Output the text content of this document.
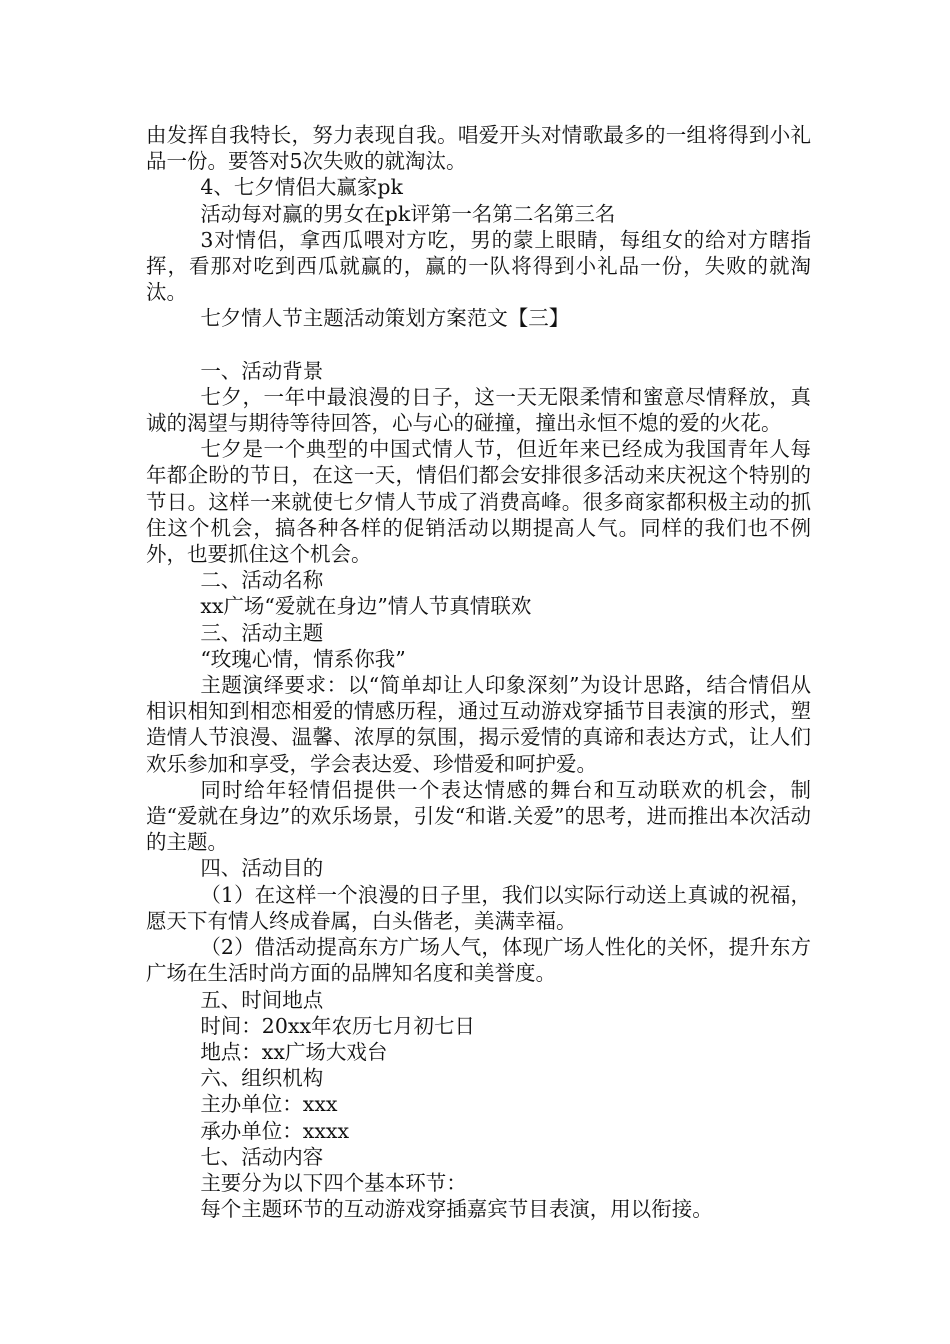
由发挥自我特长，努力表现自我。唱爱开头对情歌最多的一组将得到小礼品一份。要答对5次失败的就淘汰。

4、七夕情侣大赢家pk

活动每对赢的男女在pk评第一名第二名第三名

3对情侣，拿西瓜喂对方吃，男的蒙上眼睛，每组女的给对方瞎指挥，看那对吃到西瓜就赢的，赢的一队将得到小礼品一份，失败的就淘汰。

七夕情人节主题活动策划方案范文【三】

一、活动背景

七夕，一年中最浪漫的日子，这一天无限柔情和蜜意尽情释放，真诚的渴望与期待等待回答，心与心的碰撞，撞出永恒不熄的爱的火花。

七夕是一个典型的中国式情人节，但近年来已经成为我国青年人每年都企盼的节日，在这一天，情侣们都会安排很多活动来庆祝这个特别的节日。这样一来就使七夕情人节成了消费高峰。很多商家都积极主动的抓住这个机会，搞各种各样的促销活动以期提高人气。同样的我们也不例外，也要抓住这个机会。

二、活动名称

xx广场“爱就在身边”情人节真情联欢

三、活动主题

“玫瑰心情，情系你我”

主题演绎要求：以“简单却让人印象深刻”为设计思路，结合情侣从相识相知到相恋相爱的情感历程，通过互动游戏穿插节目表演的形式，塑造情人节浪漫、温馨、浓厚的氛围，揭示爱情的真谛和表达方式，让人们欢乐参加和享受，学会表达爱、珍惜爱和呵护爱。

同时给年轻情侣提供一个表达情感的舞台和互动联欢的机会，制造“爱就在身边”的欢乐场景，引发“和谐.关爱”的思考，进而推出本次活动的主题。

四、活动目的

（1）在这样一个浪漫的日子里，我们以实际行动送上真诚的祝福，愿天下有情人终成眷属，白头偕老，美满幸福。

（2）借活动提高东方广场人气，体现广场人性化的关怀，提升东方广场在生活时尚方面的品牌知名度和美誉度。

五、时间地点

时间：20xx年农历七月初七日

地点：xx广场大戏台

六、组织机构

主办单位：xxx

承办单位：xxxx

七、活动内容

主要分为以下四个基本环节：

每个主题环节的互动游戏穿插嘉宾节目表演，用以衔接。
